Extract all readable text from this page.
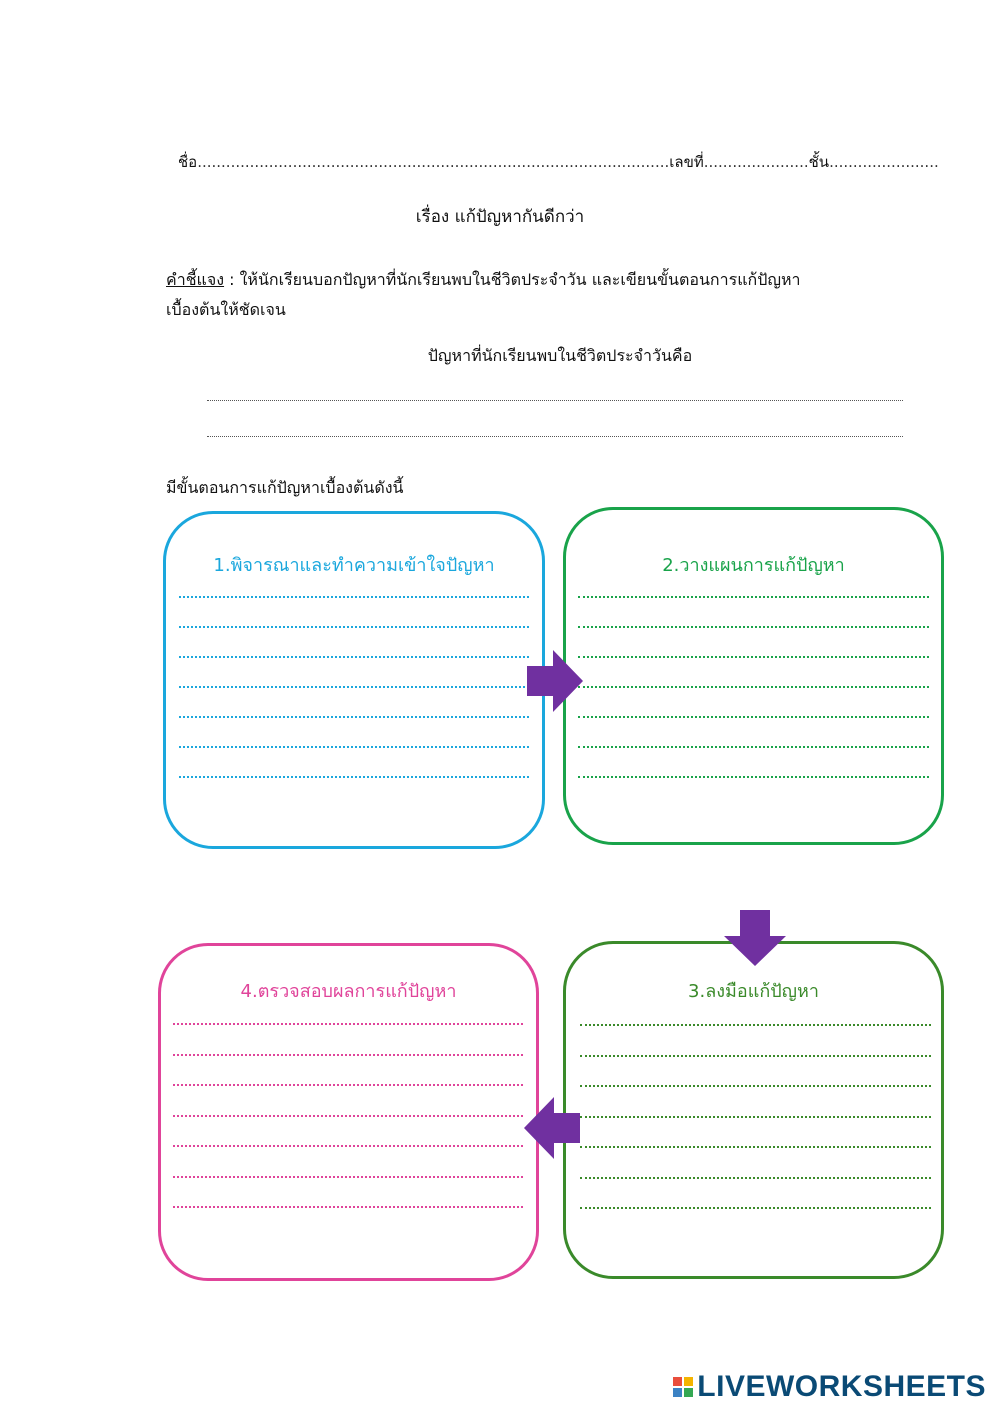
ชื่อ...................................................................................................เลขที่......................ชั้น.......................
เรื่อง แก้ปัญหากันดีกว่า
คำชี้แจง : ให้นักเรียนบอกปัญหาที่นักเรียนพบในชีวิตประจำวัน และเขียนขั้นตอนการแก้ปัญหา
เบื้องต้นให้ชัดเจน
ปัญหาที่นักเรียนพบในชีวิตประจำวันคือ
มีขั้นตอนการแก้ปัญหาเบื้องต้นดังนี้
1.พิจารณาและทำความเข้าใจปัญหา	2.วางแผนการแก้ปัญหา
3.ลงมือแก้ปัญหา
4.ตรวจสอบผลการแก้ปัญหา
LIVEWORKSHEETS
